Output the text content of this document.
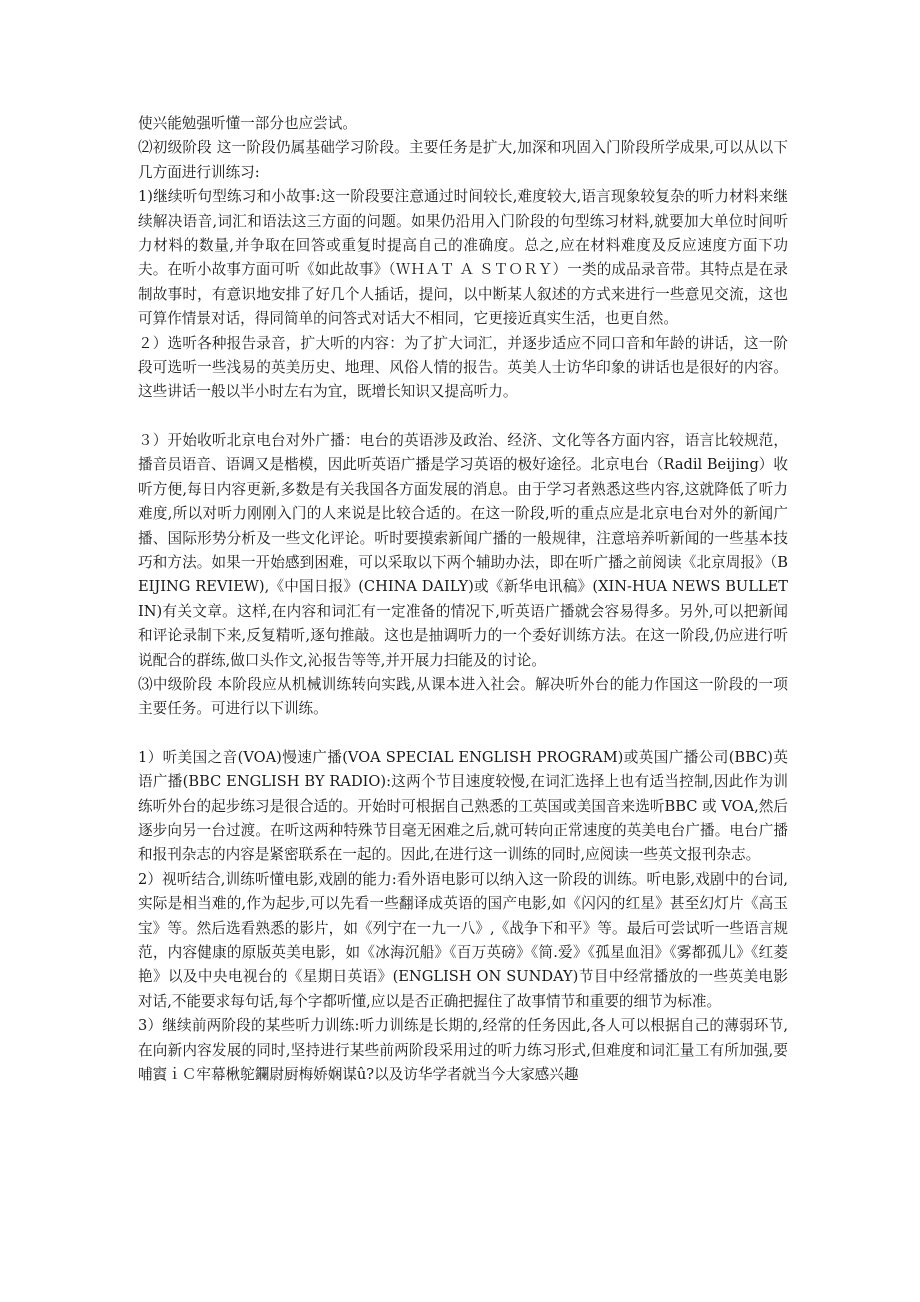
使兴能勉强听懂一部分也应尝试。

⑵初级阶段 这一阶段仍属基础学习阶段。主要任务是扩大,加深和巩固入门阶段所学成果,可以从以下几方面进行训练习:

1)继续听句型练习和小故事:这一阶段要注意通过时间较长,难度较大,语言现象较复杂的听力材料来继续解决语音,词汇和语法这三方面的问题。如果仍沿用入门阶段的句型练习材料,就要加大单位时间听力材料的数量,并争取在回答或重复时提高自己的准确度。总之,应在材料难度及反应速度方面下功夫。在听小故事方面可听《如此故事》（ＷＨＡＴ Ａ ＳＴＯＲＹ）一类的成品录音带。其特点是在录制故事时，有意识地安排了好几个人插话，提问，以中断某人叙述的方式来进行一些意见交流，这也可算作情景对话，得同简单的问答式对话大不相同，它更接近真实生活，也更自然。

２）选听各种报告录音，扩大听的内容：为了扩大词汇，并逐步适应不同口音和年龄的讲话，这一阶段可选听一些浅易的英美历史、地理、风俗人情的报告。英美人士访华印象的讲话也是很好的内容。这些讲话一般以半小时左右为宜，既增长知识又提高听力。

３）开始收听北京电台对外广播：电台的英语涉及政治、经济、文化等各方面内容，语言比较规范，播音员语音、语调又是楷模，因此听英语广播是学习英语的极好途径。北京电台（Radil Beijing）收听方便,每日内容更新,多数是有关我国各方面发展的消息。由于学习者熟悉这些内容,这就降低了听力难度,所以对听力刚刚入门的人来说是比较合适的。在这一阶段,听的重点应是北京电台对外的新闻广播、国际形势分析及一些文化评论。听时要摸索新闻广播的一般规律，注意培养听新闻的一些基本技巧和方法。如果一开始感到困难，可以采取以下两个辅助办法，即在听广播之前阅读《北京周报》（BEIJING REVIEW),《中国日报》(CHINA DAILY)或《新华电讯稿》(XIN-HUA NEWS BULLETIN)有关文章。这样,在内容和词汇有一定准备的情况下,听英语广播就会容易得多。另外,可以把新闻和评论录制下来,反复精听,逐句推敲。这也是抽调听力的一个委好训练方法。在这一阶段,仍应进行听说配合的群练,做口头作文,沁报告等等,并开展力扫能及的讨论。

⑶中级阶段 本阶段应从机械训练转向实践,从课本进入社会。解决听外台的能力作国这一阶段的一项主要任务。可进行以下训练。

1）听美国之音(VOA)慢速广播(VOA SPECIAL ENGLISH PROGRAM)或英国广播公司(BBC)英语广播(BBC ENGLISH BY RADIO):这两个节目速度较慢,在词汇选择上也有适当控制,因此作为训练听外台的起步练习是很合适的。开始时可根据自己熟悉的工英国或美国音来选听BBC 或 VOA,然后逐步向另一台过渡。在听这两种特殊节目毫无困难之后,就可转向正常速度的英美电台广播。电台广播和报刊杂志的内容是紧密联系在一起的。因此,在进行这一训练的同时,应阅读一些英文报刊杂志。

2）视听结合,训练听懂电影,戏剧的能力:看外语电影可以纳入这一阶段的训练。听电影,戏剧中的台词,实际是相当难的,作为起步,可以先看一些翻译成英语的国产电影,如《闪闪的红星》甚至幻灯片《高玉宝》等。然后选看熟悉的影片，如《列宁在一九一八》,《战争下和平》等。最后可尝试听一些语言规范，内容健康的原版英美电影，如《冰海沉船》《百万英磅》《简.爱》《孤星血泪》《雾都孤儿》《红菱艳》以及中央电视台的《星期日英语》(ENGLISH ON SUNDAY)节目中经常播放的一些英美电影对话,不能要求每句话,每个字都听懂,应以是否正确把握住了故事情节和重要的细节为标准。

3）继续前两阶段的某些听力训练:听力训练是长期的,经常的任务因此,各人可以根据自己的薄弱环节,在向新内容发展的同时,坚持进行某些前两阶段采用过的听力练习形式,但难度和词汇量工有所加强,要哺賨ｉＣ牢幕楸鸵鑭尉厨梅娇娴谋û?以及访华学者就当今大家感兴趣
